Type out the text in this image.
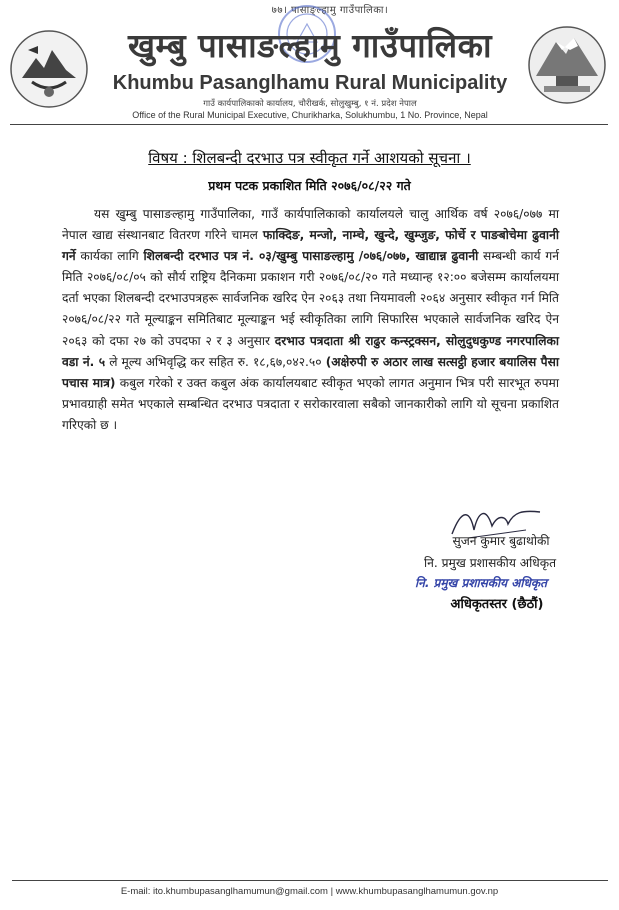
७७। पासाङ्ल्हामु गाउँपालिका।
खुम्बु पासाङल्हामु गाउँपालिका
Khumbu Pasanglhamu Rural Municipality
गाउँ कार्यपालिकाको कार्यालय, चौरीखर्क, सोलुखुम्बु, १ नं. प्रदेश नेपाल
Office of the Rural Municipal Executive, Churikharka, Solukhumbu, 1 No. Province, Nepal
विषय : शिलबन्दी दरभाउ पत्र स्वीकृत गर्ने आशयको सूचना ।
प्रथम पटक प्रकाशित मिति २०७६/०८/२२ गते
यस खुम्बु पासाङल्हामु गाउँपालिका, गाउँ कार्यपालिकाको कार्यालयले चालु आर्थिक वर्ष २०७६/०७७ मा नेपाल खाद्य संस्थानबाट वितरण गरिने चामल फाक्दिङ, मन्जो, नाम्चे, खुन्दे, खुम्जुङ, फोर्चे र पाङबोचेमा ढुवानी गर्ने कार्यका लागि शिलबन्दी दरभाउ पत्र नं. ०३/खुम्बु पासाङल्हामु /०७६/०७७, खाद्यान्न ढुवानी सम्बन्धी कार्य गर्न मिति २०७६/०८/०५ को सौर्य राष्ट्रिय दैनिकमा प्रकाशन गरी २०७६/०८/२० गते मध्यान्ह १२:०० बजेसम्म कार्यालयमा दर्ता भएका शिलबन्दी दरभाउपत्रहरू सार्वजनिक खरिद ऐन २०६३ तथा नियमावली २०६४ अनुसार स्वीकृत गर्न मिति २०७६/०८/२२ गते मूल्याङ्कन समितिबाट मूल्याङ्कन भई स्वीकृतिका लागि सिफारिस भएकाले सार्वजनिक खरिद ऐन २०६३ को दफा २७ को उपदफा २ र ३ अनुसार दरभाउ पत्रदाता श्री राढुर कन्स्ट्रक्सन, सोलुदुधकुण्ड नगरपालिका वडा नं. ५ ले मूल्य अभिवृद्धि कर सहित रु. १८,६७,०४२.५० (अक्षेरुपी रु अठार लाख सत्सट्ठी हजार बयालिस पैसा पचास मात्र) कबुल गरेको र उक्त कबुल अंक कार्यालयबाट स्वीकृत भएको लागत अनुमान भित्र परी सारभूत रुपमा प्रभावग्राही समेत भएकाले सम्बन्धित दरभाउ पत्रदाता र सरोकारवाला सबैको जानकारीको लागि यो सूचना प्रकाशित गरिएको छ ।
सुजन कुमार बुढाथोकी
नि. प्रमुख प्रशासकीय अधिकृत
नि. प्रमुख प्रशासकीय अधिकृत
अधिकृतस्तर (छैठौं)
E-mail: ito.khumbupasanglhamumun@gmail.com | www.khumbupasanglhamumun.gov.np
